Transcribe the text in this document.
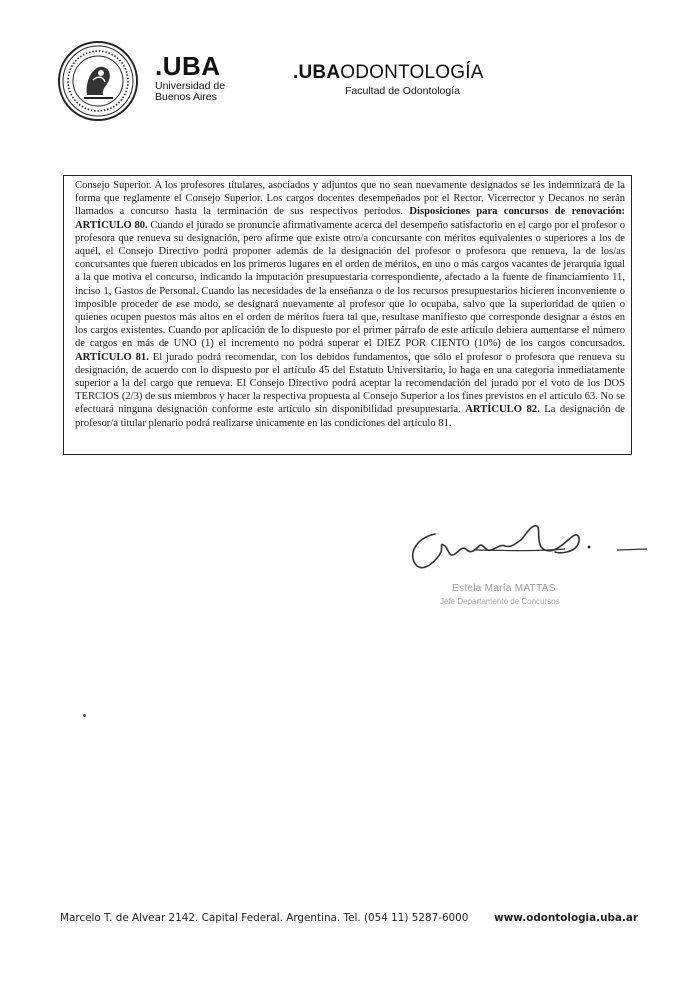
.UBA
Universidad de
Buenos Aires
.UBAODONTOLOGÍA
Facultad de Odontología
Consejo Superior. A los profesores titulares, asociados y adjuntos que no sean nuevamente designados se les indemnizará de la forma que reglamente el Consejo Superior. Los cargos docentes desempeñados por el Rector, Vicerrector y Decanos no serán llamados a concurso hasta la terminación de sus respectivos períodos. Disposiciones para concursos de renovación: ARTÍCULO 80. Cuando el jurado se pronuncie afirmativamente acerca del desempeño satisfactorio en el cargo por el profesor o profesora que renueva su designación, pero afirme que existe otro/a concursante con méritos equivalentes o superiores a los de aquél, el Consejo Directivo podrá proponer además de la designación del profesor o profesora que renueva, la de los/as concursantes que fueren ubicados en los primeros lugares en el orden de méritos, en uno o más cargos vacantes de jerarquía igual a la que motiva el concurso, indicando la imputación presupuestaria correspondiente, afectado a la fuente de financiamiento 11, inciso 1, Gastos de Personal. Cuando las necesidades de la enseñanza o de los recursos presupuestarios hicieren inconveniente o imposible proceder de ese modo, se designará nuevamente al profesor que lo ocupaba, salvo que la superioridad de quien o quienes ocupen puestos más altos en el orden de méritos fuera tal que, resultase manifiesto que corresponde designar a éstos en los cargos existentes. Cuando por aplicación de lo dispuesto por el primer párrafo de este artículo debiera aumentarse el número de cargos en más de UNO (1) el incremento no podrá superar el DIEZ POR CIENTO (10%) de los cargos concursados. ARTÍCULO 81. El jurado podrá recomendar, con los debidos fundamentos, que sólo el profesor o profesora que renueva su designación, de acuerdo con lo dispuesto por el artículo 45 del Estatuto Universitario, lo haga en una categoría inmediatamente superior a la del cargo que renueva. El Consejo Directivo podrá aceptar la recomendación del jurado por el voto de los DOS TERCIOS (2/3) de sus miembros y hacer la respectiva propuesta al Consejo Superior a los fines previstos en el artículo 63. No se efectuará ninguna designación conforme este artículo sin disponibilidad presupuestaria. ARTÍCULO 82. La designación de profesor/a titular plenario podrá realizarse únicamente en las condiciones del artículo 81.
Estela María MATTAS
Jefe Departamento de Concursos
Marcelo T. de Alvear 2142. Capital Federal. Argentina. Tel. (054 11) 5287-6000 www.odontologia.uba.ar
